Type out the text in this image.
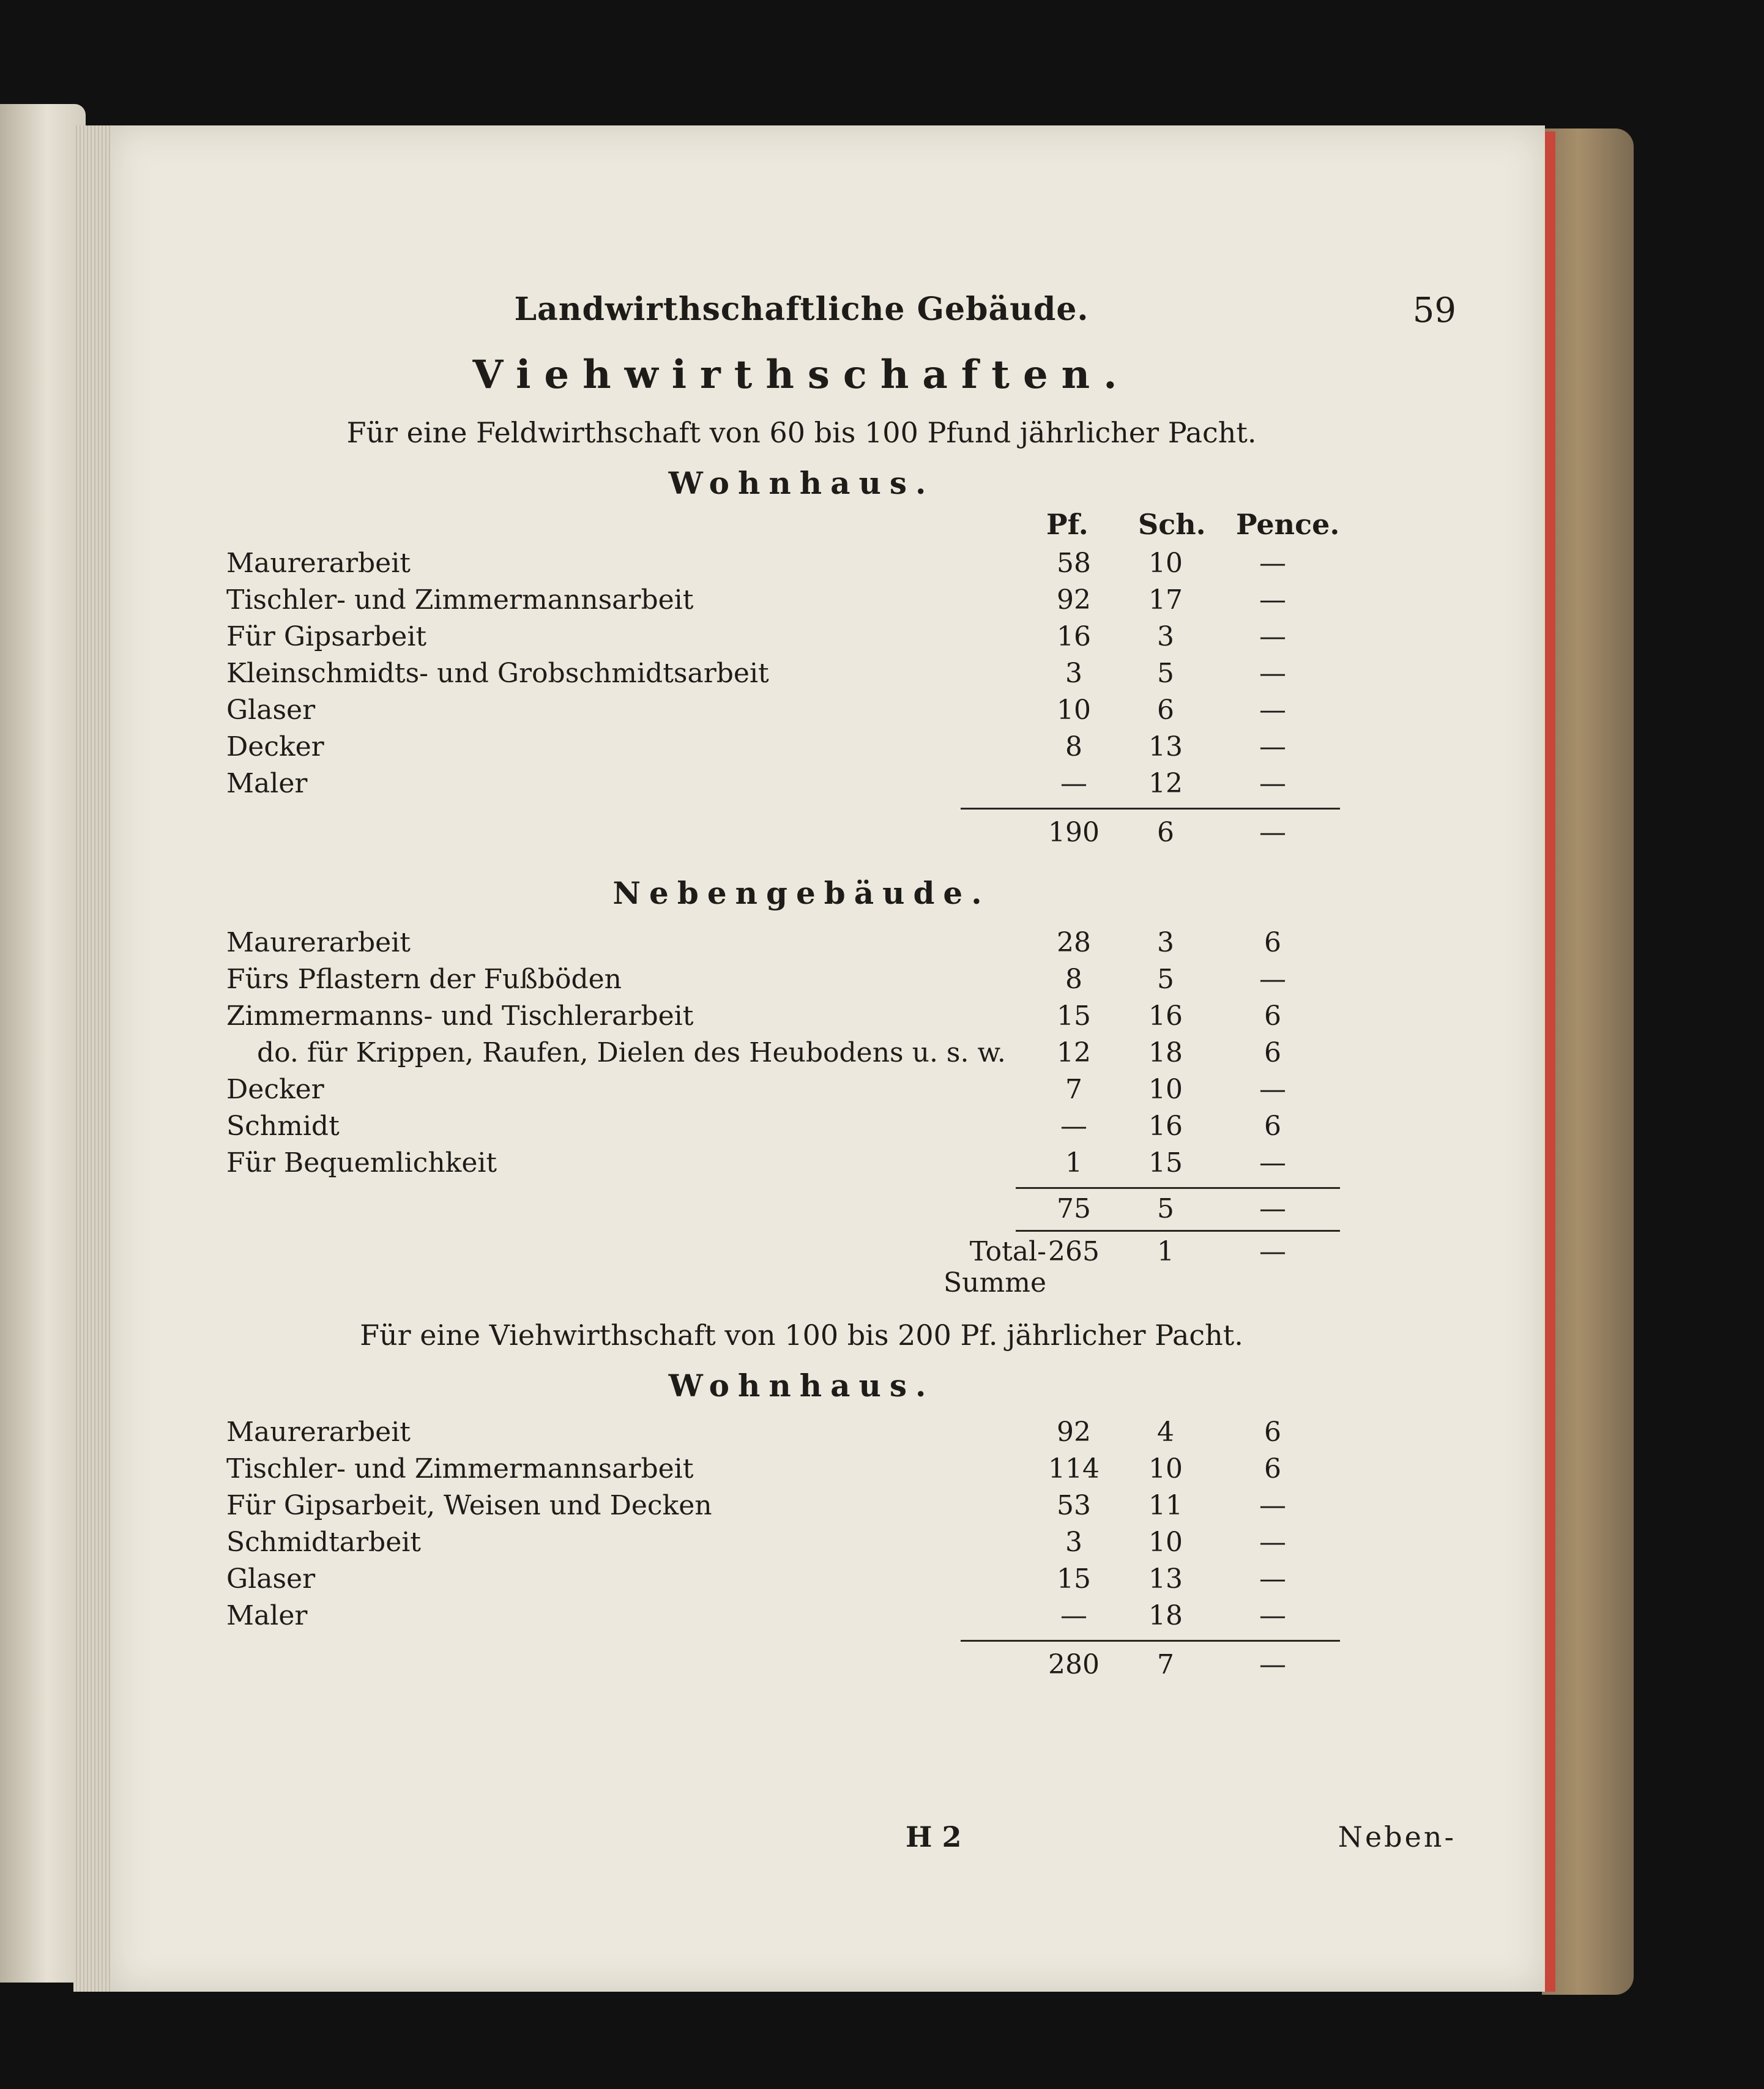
Landwirthschaftliche Gebäude.	59
Viehwirthschaften.
Für eine Feldwirthschaft von 60 bis 100 Pfund jährlicher Pacht.
Wohnhaus.
Pf. Sch. Pence.
Maurerarbeit	58	10	—
Tischler- und Zimmermannsarbeit	92	17	—
Für Gipsarbeit	16	3	—
Kleinschmidts- und Grobschmidtsarbeit	3	5	—
Glaser	10	6	—
Decker	8	13	—
Maler	—	12	—
190	6	—
Nebengebäude.
Maurerarbeit	28	3	6
Fürs Pflastern der Fußböden	8	5	—
Zimmermanns- und Tischlerarbeit	15	16	6
do. für Krippen, Raufen, Dielen des Heubodens u. s. w.	12	18	6
Decker	7	10	—
Schmidt	—	16	6
Für Bequemlichkeit	1	15	—
75	5	—
Total-Summe
265	1	—
Für eine Viehwirthschaft von 100 bis 200 Pf. jährlicher Pacht.
Wohnhaus.
Maurerarbeit	92	4	6
Tischler- und Zimmermannsarbeit	114	10	6
Für Gipsarbeit, Weisen und Decken	53	11	—
Schmidtarbeit	3	10	—
Glaser	15	13	—
Maler	—	18	—
280	7	—
H 2	Neben-
